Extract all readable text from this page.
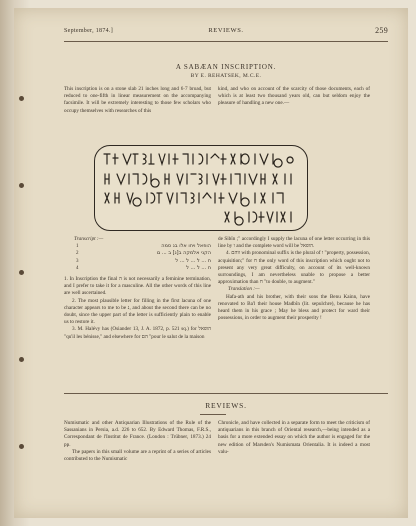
September, 1874.]	REVIEWS.	259
A SABÆAN INSCRIPTION.
BY E. REHATSEK, M.C.E.

This inscription is on a stone slab 21 inches long and 6·7 broad, but reduced to one-fifth in linear measurement on the accompanying facsimile. It will be extremely interesting to those few scholars who occupy themselves with researches of this

kind, and who on account of the scarcity of those documents, each of which is at least two thousand years old, can but seldom enjoy the pleasure of handling a new one.—

Transcript :—

1	הופאל ויחו אלו בנ סמה
2	הקני אלמקה ב[נ] ב ... ם
3	ח ... ל ... ל ... ל
4	ח ... ל ... ל

1. In Inscription the final ה is not necessarily a feminine termination, and I prefer to take it for a masculine. All the other words of this line are well ascertained.

2. The most plausible letter for filling in the first lacuna of one character appears to me to be נ, and about the second there can be no doubt, since the upper part of the letter is sufficiently plain to enable us to restore it.

3. M. Halévy has (Osiander 13, J. A. 1872, p. 521 sq.) for הופאל "qu'il les bénisse," and elsewhere for הם "pour le salut de la maison

de Sibîn ;" accordingly I supply the lacuna of one letter occurring in this line by ו and the complete word will be הופאל.

4. ווהם with pronominal suffix is the plural of ו "property, possession, acquisition;" for ח the only word of this inscription which ought not to present any very great difficulty, on account of its well-known surroundings, I am nevertheless unable to propose a better approximation than ח "to double, to augment."

Translation :—

Hafa-ath and his brother, with their sons the Benu Kainn, have renovated to Ba'l their house Madbîn (lit. sepulchre), because he has heard them in his grace ; May he bless and protect for ward their possessions, in order to augment their prosperity !

REVIEWS.

Numismatic and other Antiquarian Illustrations of the Rule of the Sassanians in Persia, a.d. 226 to 652. By Edward Thomas, F.R.S., Correspondant de l'Institut de France. (London : Trübner, 1873.) 24 pp.

The papers in this small volume are a reprint of a series of articles contributed to the Numismatic

Chronicle, and have collected in a separate form to meet the criticism of antiquarians in this branch of Oriental research,—being intended as a basis for a more extended essay on which the author is engaged for the new edition of Marsden's Numismata Orientalia. It is indeed a most valu-
